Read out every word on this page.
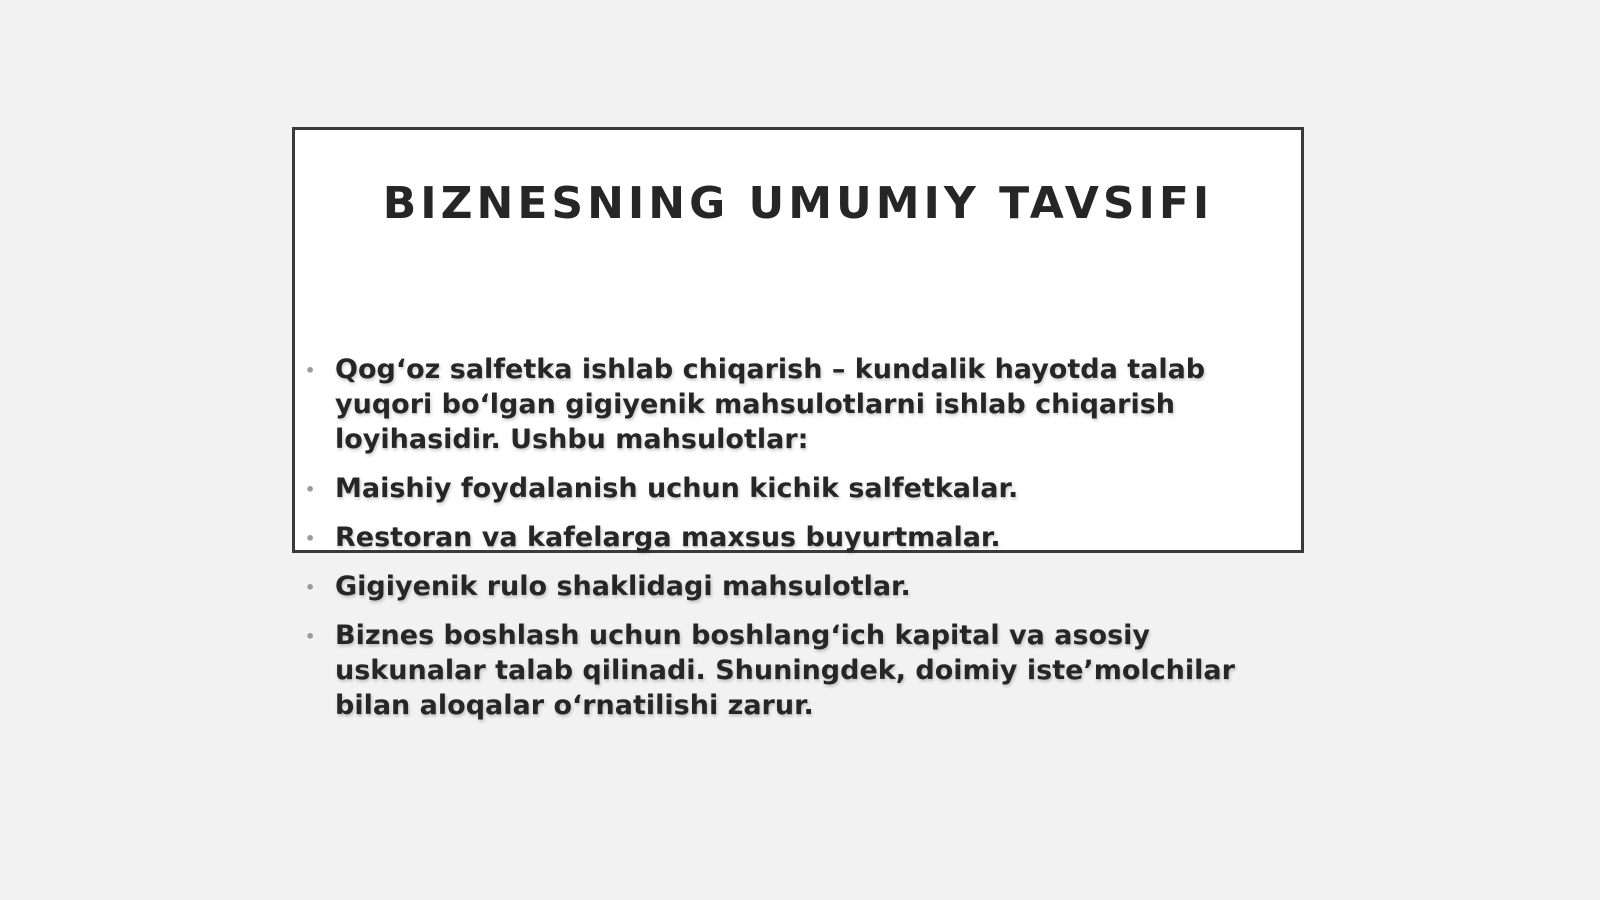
BIZNESNING UMUMIY TAVSIFI
• Qogʻoz salfetka ishlab chiqarish – kundalik hayotda talab yuqori boʻlgan gigiyenik mahsulotlarni ishlab chiqarish loyihasidir. Ushbu mahsulotlar:
• Maishiy foydalanish uchun kichik salfetkalar.
• Restoran va kafelarga maxsus buyurtmalar.
• Gigiyenik rulo shaklidagi mahsulotlar.
• Biznes boshlash uchun boshlangʻich kapital va asosiy uskunalar talab qilinadi. Shuningdek, doimiy isteʼmolchilar bilan aloqalar oʻrnatilishi zarur.
